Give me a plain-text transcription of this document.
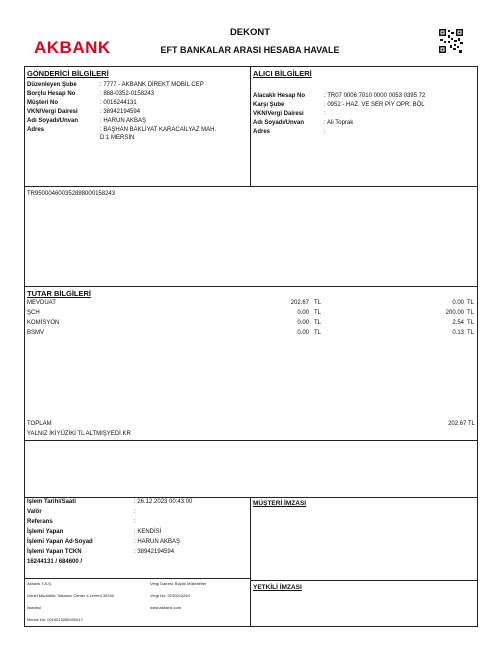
AKBANK
DEKONT
EFT BANKALAR ARASI HESABA HAVALE
GÖNDERİCİ BİLGİLERİ
Düzenleyen Şube	: 7777 - AKBANK DİREKT MOBİL CEP
Borçlu Hesap No	: 888-0352-0158243
Müşteri No	: 0016244131
VKN/Vergi Dairesi	: 38942194594
Adı Soyadı/Unvan	: HARUN AKBAŞ
Adres	: BAŞHAN BAKLİYAT KARACAİLYAZ MAH.
D:1 MERSİN
ALICI BİLGİLERİ
Alacaklı Hesap No	: TR07 0006 7010 0000 0053 0395 72
Karşı Şube	: 0952 - HAZ. VE SER PİY OPR. BÖL
VKN/Vergi Dairesi	:
Adı Soyadı/Unvan	: Ali Toprak
Adres	:
TR950004600352888000158243
TUTAR BİLGİLERİ
MEVDUAT	202.67 TL	0.00 TL
ŞCH	0.00 TL	200.00 TL
KOMİSYON	0.00 TL	2.54 TL
BSMV	0.00 TL	0.13 TL
TOPLAM	202.67 TL
YALNIZ İKİYÜZİKİ TL ALTMIŞYEDİ KR
İşlem Tarihi/Saati	: 26.12.2023 00:43:00
Valör	:
Referans	:
İşlemi Yapan	: KENDİSİ
İşlemi Yapan Ad-Soyad	: HARUN AKBAŞ
İşlemi Yapan TCKN	: 38942194594
16244131 / 684600 /
MÜŞTERİ İMZASI
YETKİLİ İMZASI
Akbank T.A.Ş.
Genel Müdürlük: Sabancı Center 4.Levent 34330
İstanbul
Mersis No: 0015015266400017
Vergi Dairesi: Büyük Mükellefler
Vergi No: 0150015264
www.akbank.com
